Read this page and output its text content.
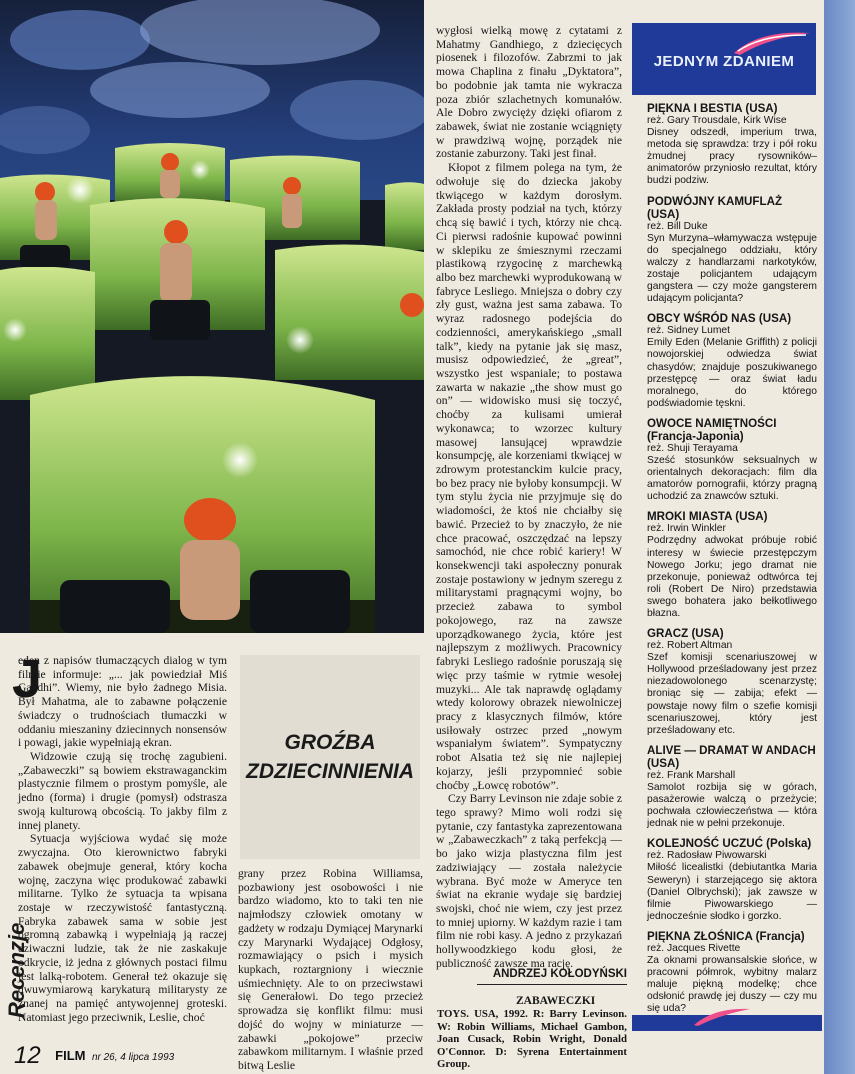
J

eden z napisów tłumaczących dialog w tym filmie informuje: „... jak powiedział Miś Gandhi”. Wiemy, nie było żadnego Misia. Był Mahatma, ale to zabawne połączenie świadczy o trudnościach tłumaczki w oddaniu mieszaniny dziecinnych nonsensów i powagi, jakie wypełniają ekran.

Widzowie czują się trochę zagubieni. „Zabaweczki” są bowiem ekstrawaganckim plastycznie filmem o prostym pomyśle, ale jedno (forma) i drugie (pomysł) odstrasza swoją kulturową obcością. To jakby film z innej planety.

Sytuacja wyjściowa wydać się może zwyczajna. Oto kierownictwo fabryki zabawek obejmuje generał, który kocha wojnę, zaczyna więc produkować zabawki militarne. Tylko że sytuacja ta wpisana zostaje w rzeczywistość fantastyczną. Fabryka zabawek sama w sobie jest ogromną zabawką i wypełniają ją raczej dziwaczni ludzie, tak że nie zaskakuje odkrycie, iż jedna z głównych postaci filmu jest lalką-robotem. Generał też okazuje się dwuwymiarową karykaturą militarysty ze znanej na pamięć antywojennej groteski. Natomiast jego przeciwnik, Leslie, choć

GROŹBA
ZDZIECINNIENIA

grany przez Robina Williamsa, pozbawiony jest osobowości i nie bardzo wiadomo, kto to taki ten nie najmłodszy człowiek omotany w gadżety w rodzaju Dymiącej Marynarki czy Marynarki Wydającej Odgłosy, rozmawiający o psich i mysich kupkach, roztargniony i wiecznie uśmiechnięty. Ale to on przeciwstawi się Generałowi. Do tego przecież sprowadza się konflikt filmu: musi dojść do wojny w miniaturze — zabawki „pokojowe” przeciw zabawkom militarnym. I właśnie przed bitwą Leslie

wygłosi wielką mowę z cytatami z Mahatmy Gandhiego, z dziecięcych piosenek i filozofów. Zabrzmi to jak mowa Chaplina z finału „Dyktatora”, bo podobnie jak tamta nie wykracza poza zbiór szlachetnych komunałów. Ale Dobro zwycięży dzięki ofiarom z zabawek, świat nie zostanie wciągnięty w prawdziwą wojnę, porządek nie zostanie zaburzony. Taki jest finał.

Kłopot z filmem polega na tym, że odwołuje się do dziecka jakoby tkwiącego w każdym dorosłym. Zakłada prosty podział na tych, którzy chcą się bawić i tych, którzy nie chcą. Ci pierwsi radośnie kupować powinni w sklepiku ze śmiesznymi rzeczami plastikową rzygocinę z marchewką albo bez marchewki wyprodukowaną w fabryce Lesliego. Mniejsza o dobry czy zły gust, ważna jest sama zabawa. To wyraz radosnego podejścia do codzienności, amerykańskiego „small talk”, kiedy na pytanie jak się masz, musisz odpowiedzieć, że „great”, wszystko jest wspaniale; to postawa zawarta w nakazie „the show must go on” — widowisko musi się toczyć, choćby za kulisami umierał wykonawca; to wzorzec kultury masowej lansującej wprawdzie konsumpcję, ale korzeniami tkwiącej w zdrowym protestanckim kulcie pracy, bo bez pracy nie byłoby konsumpcji. W tym stylu życia nie przyjmuje się do wiadomości, że ktoś nie chciałby się bawić. Przecież to by znaczyło, że nie chce pracować, oszczędzać na lepszy samochód, nie chce robić kariery! W konsekwencji taki aspołeczny ponurak zostaje postawiony w jednym szeregu z militarystami pragnącymi wojny, bo przecież zabawa to symbol pokojowego, raz na zawsze uporządkowanego życia, które jest najlepszym z możliwych. Pracownicy fabryki Lesliego radośnie poruszają się więc przy taśmie w rytmie wesołej muzyki... Ale tak naprawdę oglądamy wtedy kolorowy obrazek niewolniczej pracy z klasycznych filmów, które usiłowały ostrzec przed „nowym wspaniałym światem”. Sympatyczny robot Alsatia też się nie najlepiej kojarzy, jeśli przypomnieć sobie choćby „Łowcę robotów”.

Czy Barry Levinson nie zdaje sobie z tego sprawy? Mimo woli rodzi się pytanie, czy fantastyka zaprezentowana w „Zabaweczkach” z taką perfekcją — bo jako wizja plastyczna film jest zadziwiający — została należycie wybrana. Być może w Ameryce ten świat na ekranie wydaje się bardziej swojski, choć nie wiem, czy jest przez to mniej upiorny. W każdym razie i tam film nie robi kasy. A jedno z przykazań hollywoodzkiego kodu głosi, że publiczność zawsze ma rację.

ANDRZEJ KOŁODYŃSKI
ZABAWECZKI
TOYS. USA, 1992. R: Barry Levinson. W: Robin Williams, Michael Gambon, Joan Cusack, Robin Wright, Donald O'Connor. D: Syrena Entertainment Group.
JEDNYM ZDANIEM
PIĘKNA I BESTIA (USA)
reż. Gary Trousdale, Kirk Wise
Disney odszedł, imperium trwa, metoda się sprawdza: trzy i pół roku żmudnej pracy rysowników–animatorów przyniosło rezultat, który budzi podziw.
PODWÓJNY KAMUFLAŻ (USA)
reż. Bill Duke
Syn Murzyna–włamywacza wstępuje do specjalnego oddziału, który walczy z handlarzami narkotyków, zostaje policjantem udającym gangstera — czy może gangsterem udającym policjanta?
OBCY WŚRÓD NAS (USA)
reż. Sidney Lumet
Emily Eden (Melanie Griffith) z policji nowojorskiej odwiedza świat chasydów; znajduje poszukiwanego przestępcę — oraz świat ładu moralnego, do którego podświadomie tęskni.
OWOCE NAMIĘTNOŚCI (Francja-Japonia)
reż. Shuji Terayama
Sześć stosunków seksualnych w orientalnych dekoracjach: film dla amatorów pornografii, którzy pragną uchodzić za znawców sztuki.
MROKI MIASTA (USA)
reż. Irwin Winkler
Podrzędny adwokat próbuje robić interesy w świecie przestępczym Nowego Jorku; jego dramat nie przekonuje, ponieważ odtwórca tej roli (Robert De Niro) przedstawia swego bohatera jako bełkotliwego błazna.
GRACZ (USA)
reż. Robert Altman
Szef komisji scenariuszowej w Hollywood prześladowany jest przez niezadowolonego scenarzystę; broniąc się — zabija; efekt — powstaje nowy film o szefie komisji scenariuszowej, który jest prześladowany etc.
ALIVE — DRAMAT W ANDACH (USA)
reż. Frank Marshall
Samolot rozbija się w górach, pasażerowie walczą o przeżycie; pochwała człowieczeństwa — która jednak nie w pełni przekonuje.
KOLEJNOŚĆ UCZUĆ (Polska)
reż. Radosław Piwowarski
Miłość licealistki (debiutantka Maria Seweryn) i starzejącego się aktora (Daniel Olbrychski); jak zawsze w filmie Piwowarskiego — jednocześnie słodko i gorzko.
PIĘKNA ZŁOŚNICA (Francja)
reż. Jacques Rivette
Za oknami prowansalskie słońce, w pracowni półmrok, wybitny malarz maluje piękną modelkę; chce odsłonić prawdę jej duszy — czy mu się uda?
Recenzje
12 FILM nr 26, 4 lipca 1993
